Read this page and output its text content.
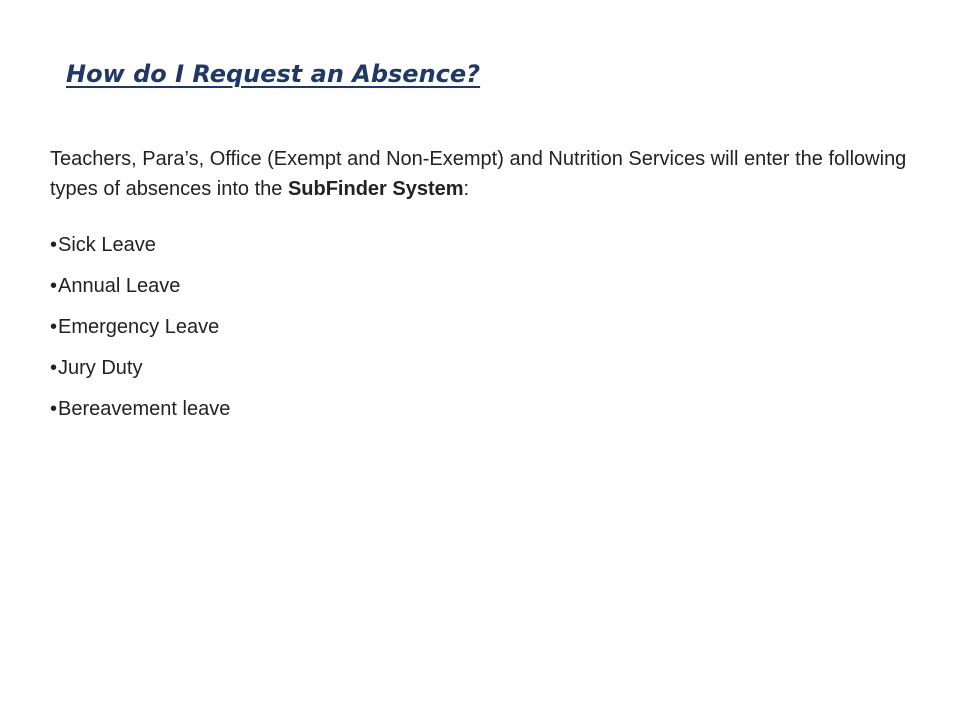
How do I Request an Absence?

Teachers, Para’s, Office (Exempt and Non-Exempt) and Nutrition Services will enter the following types of absences into the SubFinder System:

•Sick Leave
•Annual Leave
•Emergency Leave
•Jury Duty
•Bereavement leave
